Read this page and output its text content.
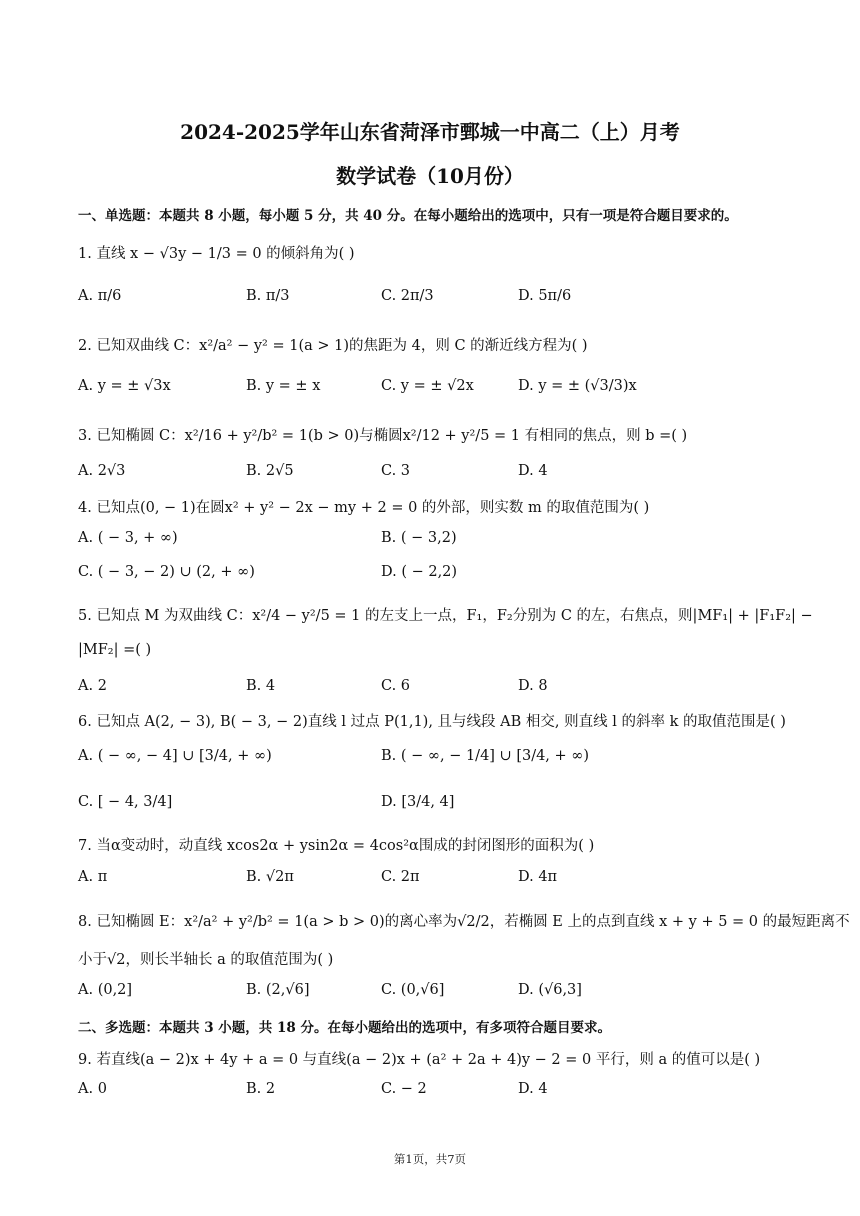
2024-2025学年山东省菏泽市鄄城一中高二（上）月考
数学试卷（10月份）
一、单选题：本题共 8 小题，每小题 5 分，共 40 分。在每小题给出的选项中，只有一项是符合题目要求的。
1. 直线 x − √3y − 1/3 = 0 的倾斜角为( )
A. π/6	B. π/3	C. 2π/3	D. 5π/6
2. 已知双曲线 C：x²/a² − y² = 1(a > 1)的焦距为 4，则 C 的渐近线方程为( )
A. y = ± √3x	B. y = ± x	C. y = ± √2x	D. y = ± (√3/3)x
3. 已知椭圆 C：x²/16 + y²/b² = 1(b > 0)与椭圆x²/12 + y²/5 = 1 有相同的焦点，则 b =( )
A. 2√3	B. 2√5	C. 3	D. 4
4. 已知点(0, − 1)在圆x² + y² − 2x − my + 2 = 0 的外部，则实数 m 的取值范围为( )
A. ( − 3, + ∞)	B. ( − 3,2)
C. ( − 3, − 2) ∪ (2, + ∞)	D. ( − 2,2)
5. 已知点 M 为双曲线 C：x²/4 − y²/5 = 1 的左支上一点，F₁，F₂分别为 C 的左，右焦点，则|MF₁| + |F₁F₂| −
|MF₂| =( )
A. 2	B. 4	C. 6	D. 8
6. 已知点 A(2, − 3), B( − 3, − 2)直线 l 过点 P(1,1), 且与线段 AB 相交, 则直线 l 的斜率 k 的取值范围是( )
A. ( − ∞, − 4] ∪ [3/4, + ∞)	B. ( − ∞, − 1/4] ∪ [3/4, + ∞)
C. [ − 4, 3/4]	D. [3/4, 4]
7. 当α变动时，动直线 xcos2α + ysin2α = 4cos²α围成的封闭图形的面积为( )
A. π	B. √2π	C. 2π	D. 4π
8. 已知椭圆 E：x²/a² + y²/b² = 1(a > b > 0)的离心率为√2/2，若椭圆 E 上的点到直线 x + y + 5 = 0 的最短距离不
小于√2，则长半轴长 a 的取值范围为( )
A. (0,2]	B. (2,√6]	C. (0,√6]	D. (√6,3]
二、多选题：本题共 3 小题，共 18 分。在每小题给出的选项中，有多项符合题目要求。
9. 若直线(a − 2)x + 4y + a = 0 与直线(a − 2)x + (a² + 2a + 4)y − 2 = 0 平行，则 a 的值可以是( )
A. 0	B. 2	C. − 2	D. 4
第1页，共7页
